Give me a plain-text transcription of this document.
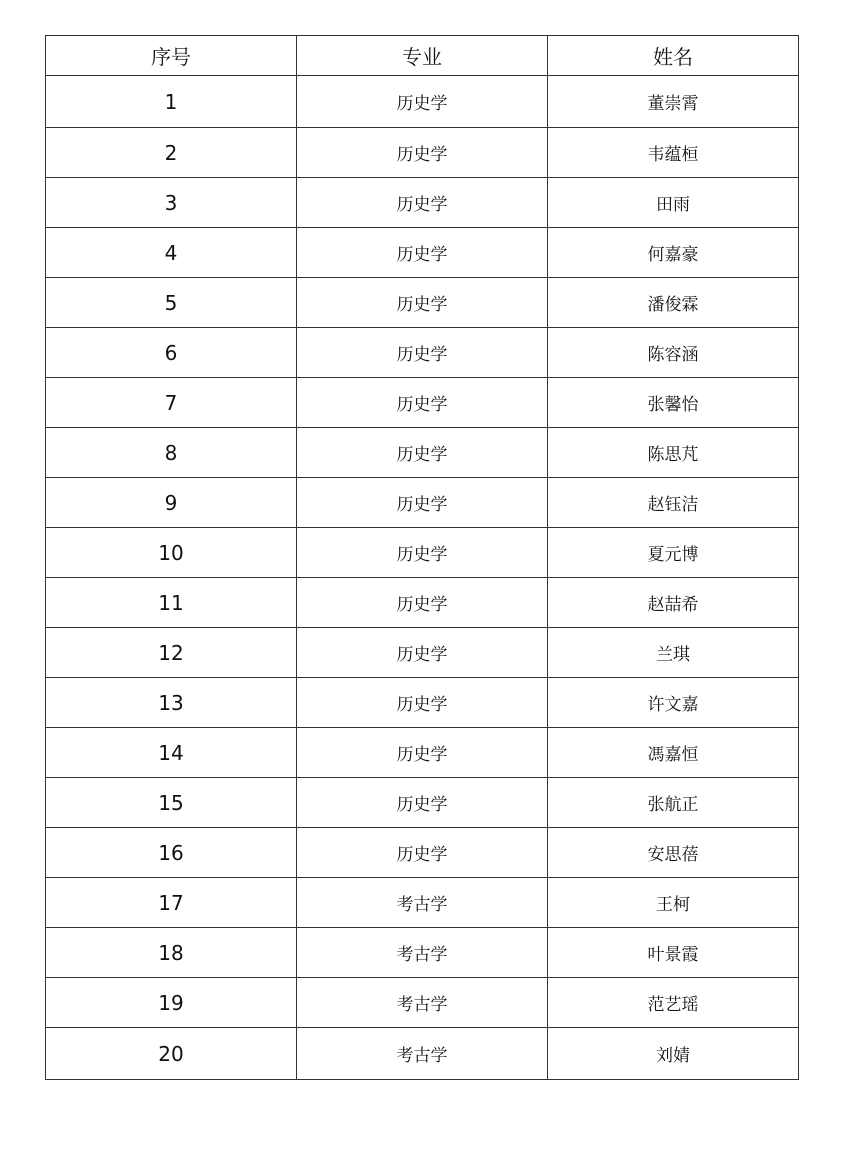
序号	专业	姓名
1	历史学	董崇霄
2	历史学	韦蕴桓
3	历史学	田雨
4	历史学	何嘉豪
5	历史学	潘俊霖
6	历史学	陈容涵
7	历史学	张馨怡
8	历史学	陈思芃
9	历史学	赵钰洁
10	历史学	夏元博
11	历史学	赵喆希
12	历史学	兰琪
13	历史学	许文嘉
14	历史学	馮嘉恒
15	历史学	张航正
16	历史学	安思蓓
17	考古学	王柯
18	考古学	叶景霞
19	考古学	范艺瑶
20	考古学	刘婧
